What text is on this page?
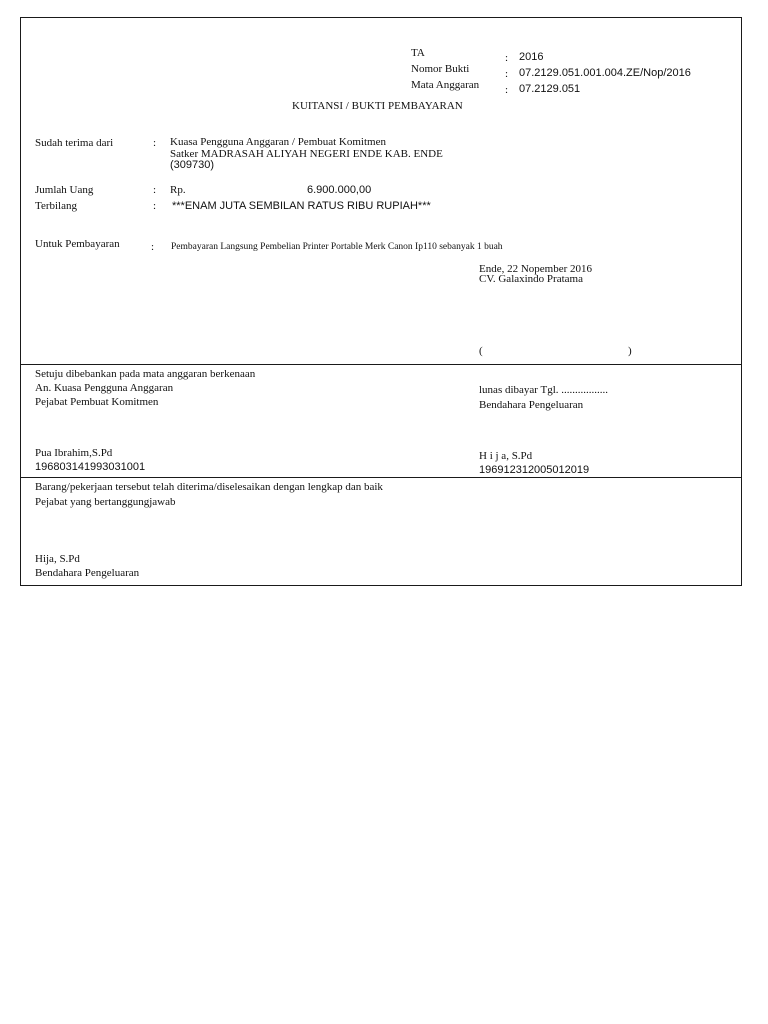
TA	: 2016
Nomor Bukti	: 07.2129.051.001.004.ZE/Nop/2016
Mata Anggaran : 07.2129.051
KUITANSI / BUKTI PEMBAYARAN
Sudah terima dari	: Kuasa Pengguna Anggaran / Pembuat Komitmen
Satker MADRASAH ALIYAH NEGERI ENDE KAB. ENDE
(309730)
Jumlah Uang	: Rp.	6.900.000,00
Terbilang	: ***ENAM JUTA SEMBILAN RATUS RIBU RUPIAH***
Untuk Pembayaran	: Pembayaran Langsung Pembelian Printer Portable Merk Canon Ip110 sebanyak 1 buah
Ende, 22 Nopember 2016
CV. Galaxindo Pratama
(	)
Setuju dibebankan pada mata anggaran berkenaan
An. Kuasa Pengguna Anggaran
Pejabat Pembuat Komitmen
Pua Ibrahim,S.Pd
196803141993031001
lunas dibayar Tgl. .................
Bendahara Pengeluaran
H i j a, S.Pd
196912312005012019
Barang/pekerjaan tersebut telah diterima/diselesaikan dengan lengkap dan baik
Pejabat yang bertanggungjawab
Hija, S.Pd
Bendahara Pengeluaran
